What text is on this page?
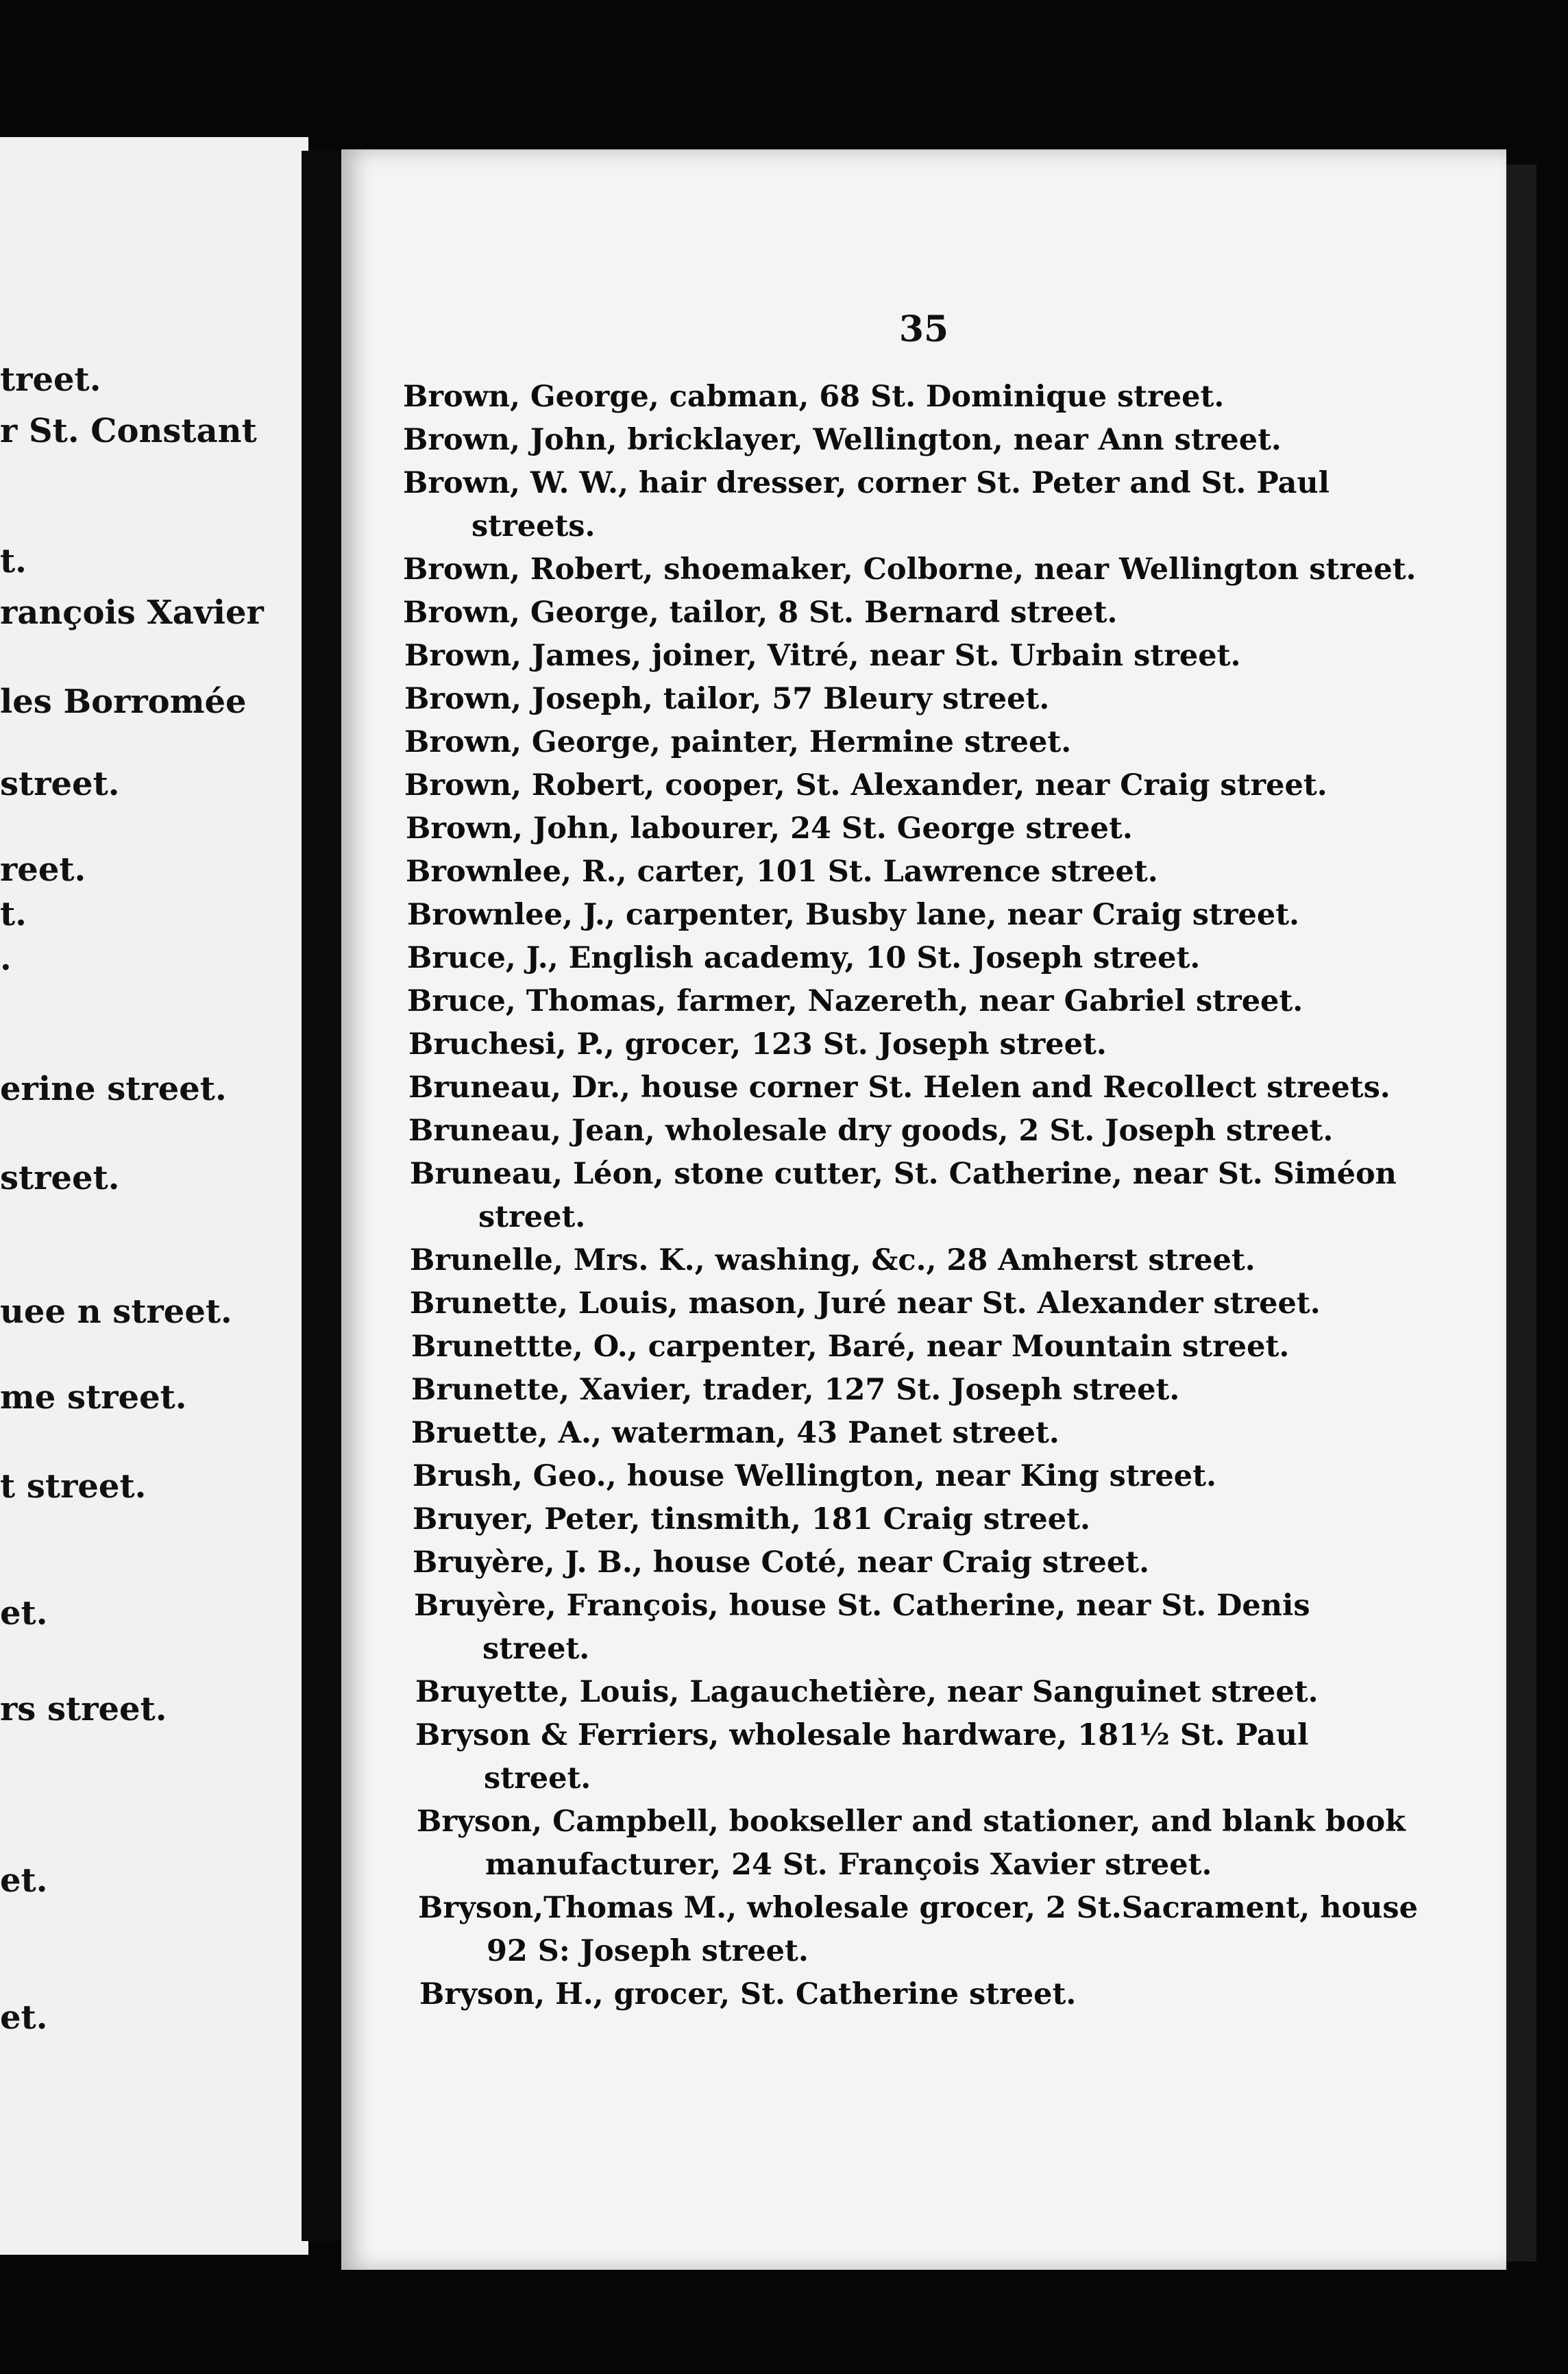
treet.
r St. Constant
t.
rançois Xavier
les Borromée
street.
reet.
t.
.
erine street.
street.
uee n street.
me street.
t street.
et.
rs street.
et.
et.
35
Brown, George, cabman, 68 St. Dominique street.
Brown, John, bricklayer, Wellington, near Ann street.
Brown, W. W., hair dresser, corner St. Peter and St. Paul
streets.
Brown, Robert, shoemaker, Colborne, near Wellington street.
Brown, George, tailor, 8 St. Bernard street.
Brown, James, joiner, Vitré, near St. Urbain street.
Brown, Joseph, tailor, 57 Bleury street.
Brown, George, painter, Hermine street.
Brown, Robert, cooper, St. Alexander, near Craig street.
Brown, John, labourer, 24 St. George street.
Brownlee, R., carter, 101 St. Lawrence street.
Brownlee, J., carpenter, Busby lane, near Craig street.
Bruce, J., English academy, 10 St. Joseph street.
Bruce, Thomas, farmer, Nazereth, near Gabriel street.
Bruchesi, P., grocer, 123 St. Joseph street.
Bruneau, Dr., house corner St. Helen and Recollect streets.
Bruneau, Jean, wholesale dry goods, 2 St. Joseph street.
Bruneau, Léon, stone cutter, St. Catherine, near St. Siméon
street.
Brunelle, Mrs. K., washing, &c., 28 Amherst street.
Brunette, Louis, mason, Juré near St. Alexander street.
Brunettte, O., carpenter, Baré, near Mountain street.
Brunette, Xavier, trader, 127 St. Joseph street.
Bruette, A., waterman, 43 Panet street.
Brush, Geo., house Wellington, near King street.
Bruyer, Peter, tinsmith, 181 Craig street.
Bruyère, J. B., house Coté, near Craig street.
Bruyère, François, house St. Catherine, near St. Denis
street.
Bruyette, Louis, Lagauchetière, near Sanguinet street.
Bryson & Ferriers, wholesale hardware, 181½ St. Paul
street.
Bryson, Campbell, bookseller and stationer, and blank book
manufacturer, 24 St. François Xavier street.
Bryson,Thomas M., wholesale grocer, 2 St.Sacrament, house
92 S: Joseph street.
Bryson, H., grocer, St. Catherine street.
